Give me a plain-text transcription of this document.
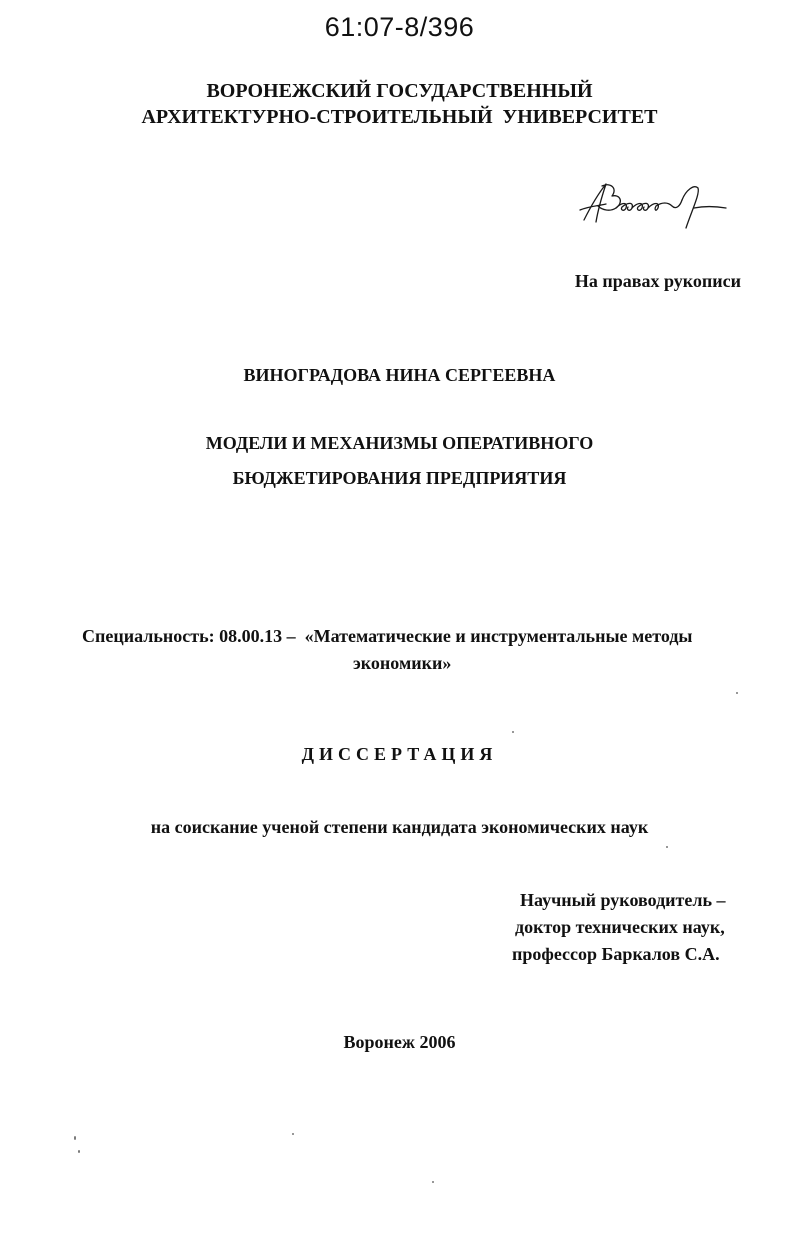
61:07-8/396
ВОРОНЕЖСКИЙ ГОСУДАРСТВЕННЫЙ
АРХИТЕКТУРНО-СТРОИТЕЛЬНЫЙ  УНИВЕРСИТЕТ
На правах рукописи
ВИНОГРАДОВА НИНА СЕРГЕЕВНА
МОДЕЛИ И МЕХАНИЗМЫ ОПЕРАТИВНОГО
БЮДЖЕТИРОВАНИЯ ПРЕДПРИЯТИЯ
Специальность: 08.00.13 –  «Математические и инструментальные методы
экономики»
ДИССЕРТАЦИЯ
на соискание ученой степени кандидата экономических наук
Научный руководитель –
доктор технических наук,
профессор Баркалов С.А.
Воронеж 2006
